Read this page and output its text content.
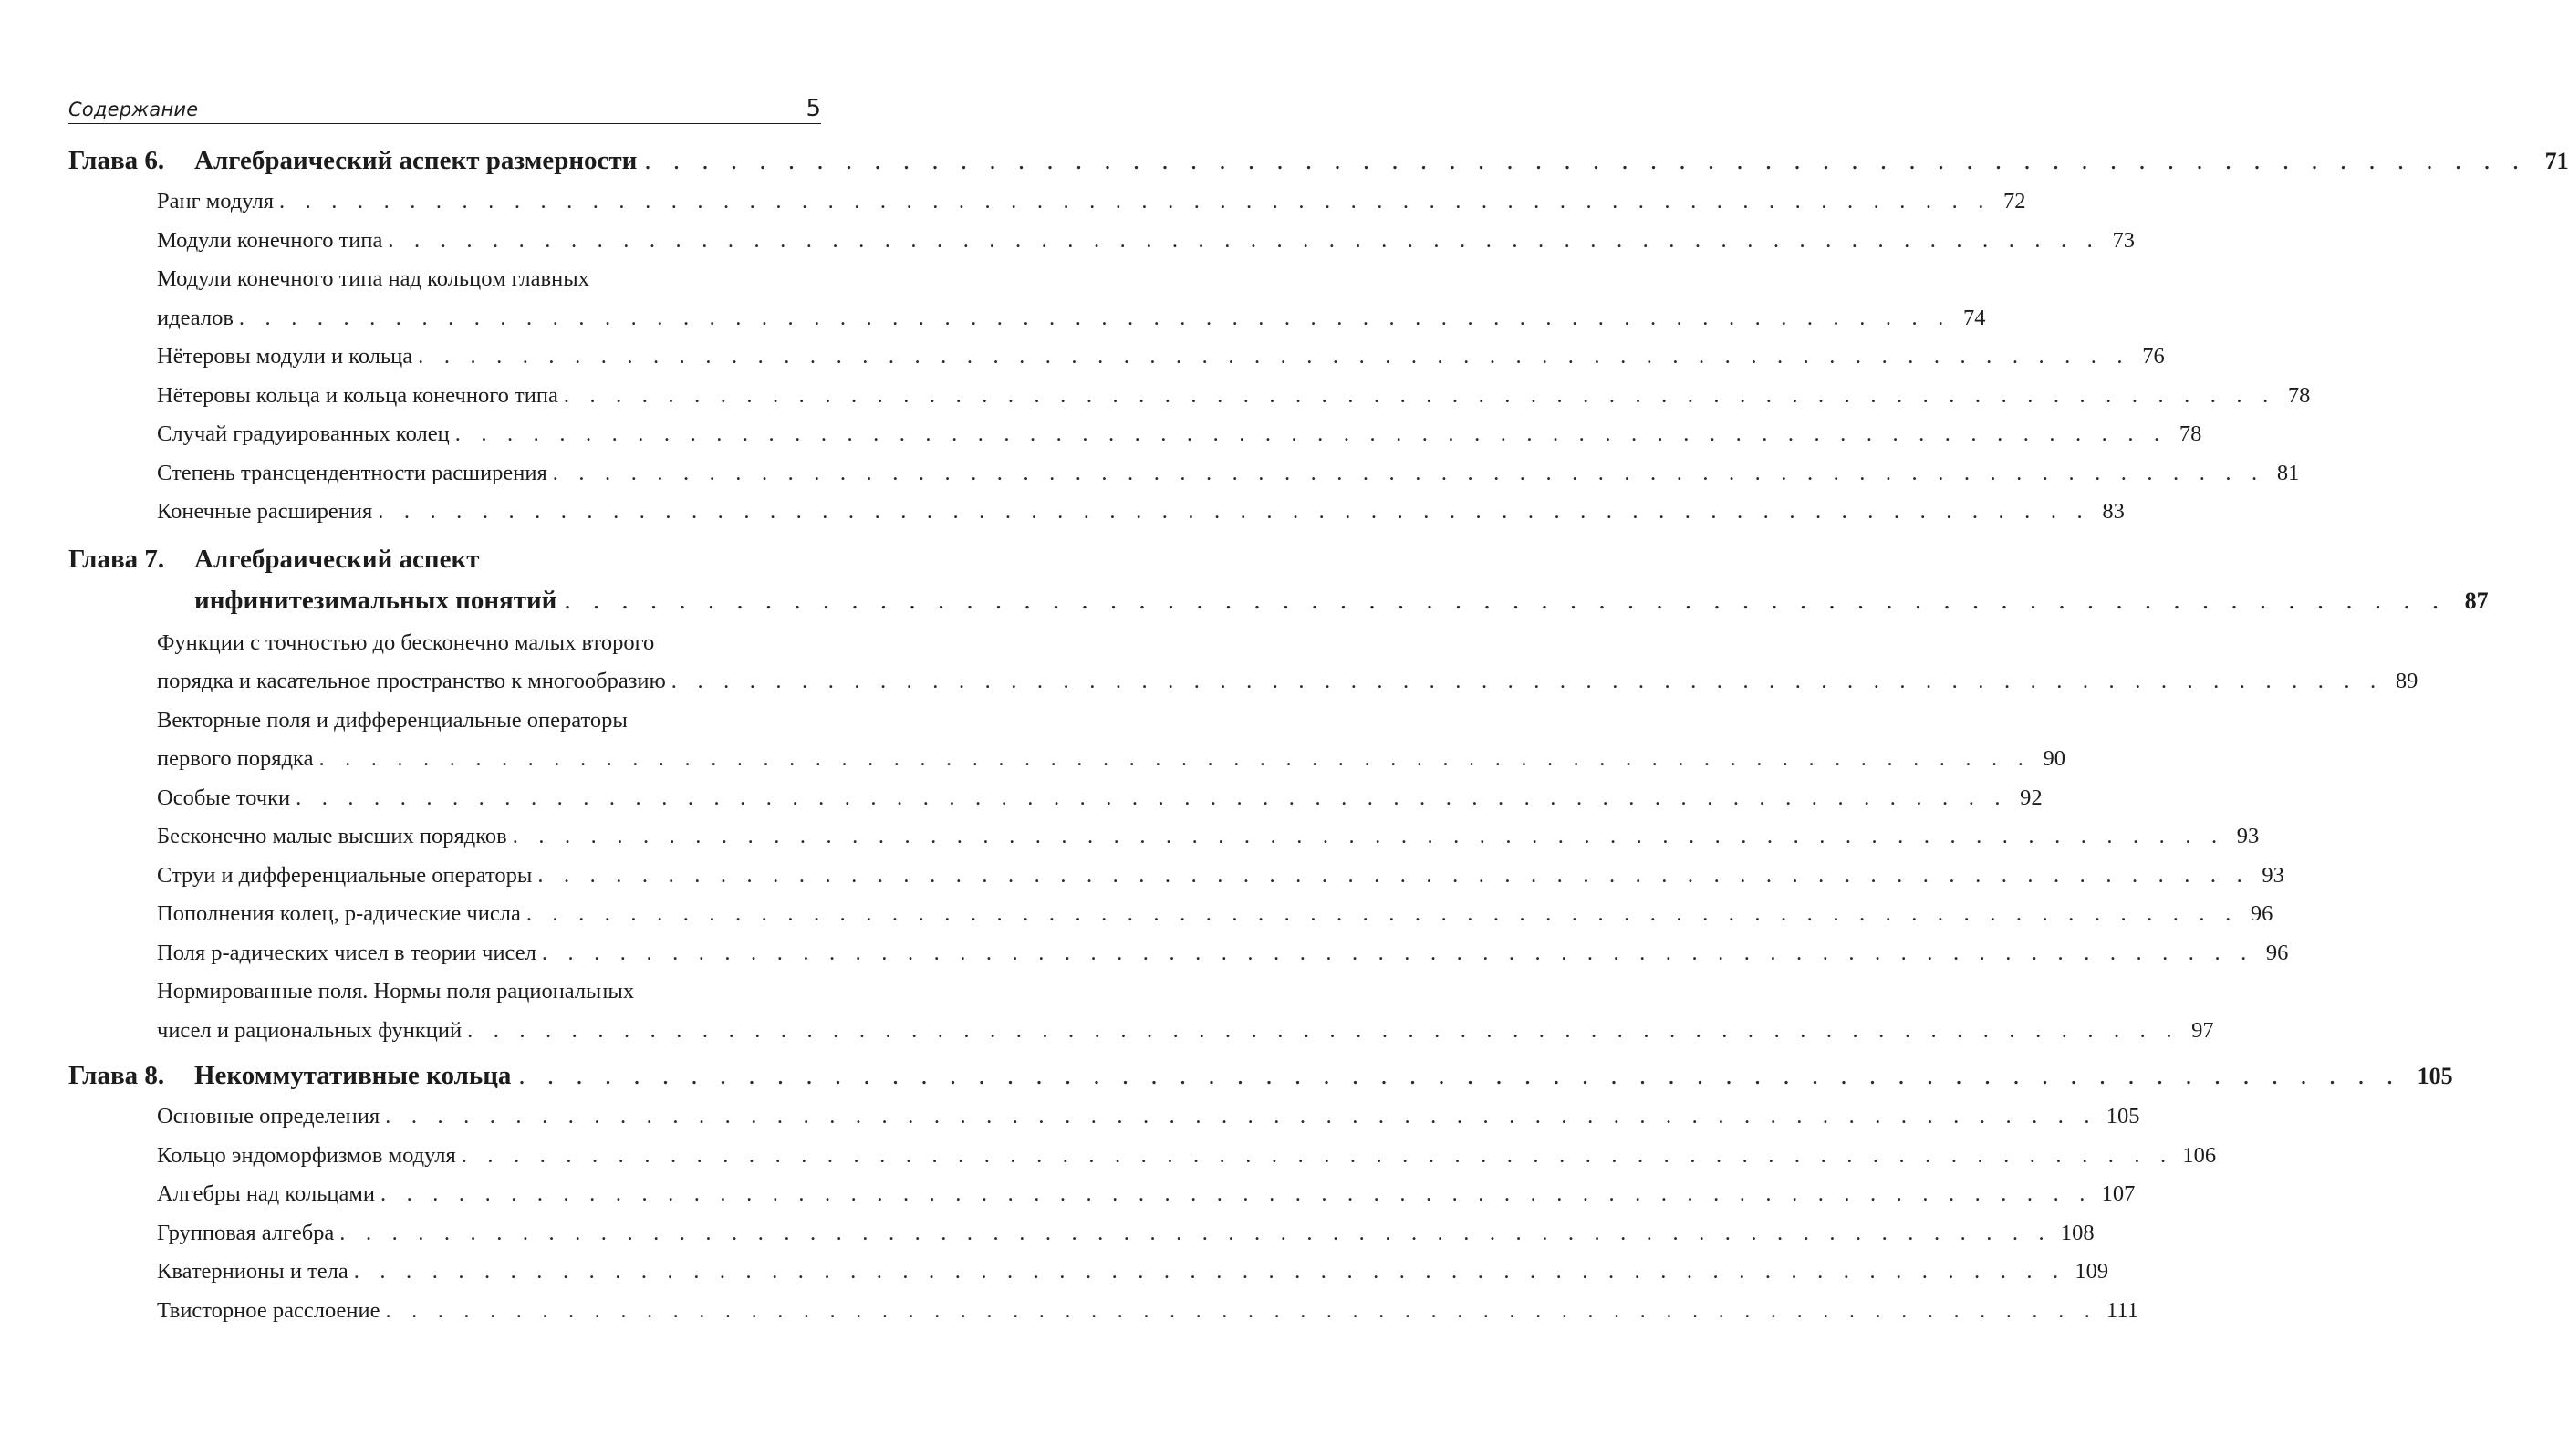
Содержание	5
Глава 6.	Алгебраический аспект размерности . . .	71
Ранг модуля . . .	72
Модули конечного типа . . .	73
Модули конечного типа над кольцом главных
идеалов . . .	74
Нётеровы модули и кольца . . .	76
Нётеровы кольца и кольца конечного типа . . .	78
Случай градуированных колец . . .	78
Степень трансцендентности расширения . . .	81
Конечные расширения . . .	83
Глава 7.	Алгебраический аспект
инфинитезимальных понятий . . .	87
Функции с точностью до бесконечно малых второго
порядка и касательное пространство к многообразию . . .	89
Векторные поля и дифференциальные операторы
первого порядка . . .	90
Особые точки . . .	92
Бесконечно малые высших порядков . . .	93
Струи и дифференциальные операторы . . .	93
Пополнения колец, p-адические числа . . .	96
Поля p-адических чисел в теории чисел . . .	96
Нормированные поля. Нормы поля рациональных
чисел и рациональных функций . . .	97
Глава 8.	Некоммутативные кольца . . .	105
Основные определения . . .	105
Кольцо эндоморфизмов модуля . . .	106
Алгебры над кольцами . . .	107
Групповая алгебра . . .	108
Кватернионы и тела . . .	109
Твисторное расслоение . . .	111
